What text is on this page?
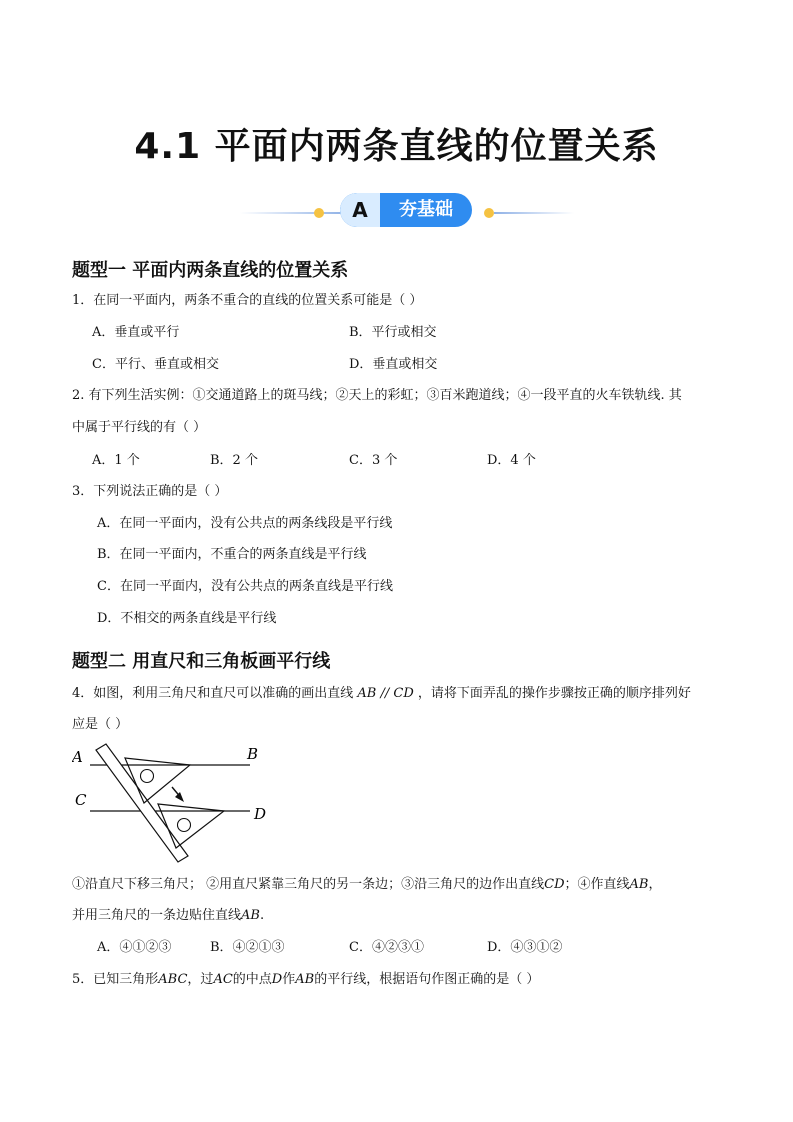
4.1 平面内两条直线的位置关系
A	夯基础
题型一 平面内两条直线的位置关系
1．在同一平面内，两条不重合的直线的位置关系可能是（ ）
A．垂直或平行	B．平行或相交
C．平行、垂直或相交	D．垂直或相交
2. 有下列生活实例：①交通道路上的斑马线；②天上的彩虹；③百米跑道线；④一段平直的火车铁轨线. 其
中属于平行线的有（ ）
A．1 个	B．2 个	C．3 个	D．4 个
3．下列说法正确的是（ ）
A．在同一平面内，没有公共点的两条线段是平行线
B．在同一平面内，不重合的两条直线是平行线
C．在同一平面内，没有公共点的两条直线是平行线
D．不相交的两条直线是平行线
题型二 用直尺和三角板画平行线
4．如图，利用三角尺和直尺可以准确的画出直线 AB // CD ，请将下面弄乱的操作步骤按正确的顺序排列好
应是（ ）
A	B
C
D
①沿直尺下移三角尺； ②用直尺紧靠三角尺的另一条边；③沿三角尺的边作出直线CD；④作直线AB，
并用三角尺的一条边贴住直线AB.
A．④①②③	B．④②①③	C．④②③①	D．④③①②
5．已知三角形ABC，过AC的中点D作AB的平行线，根据语句作图正确的是（ ）
